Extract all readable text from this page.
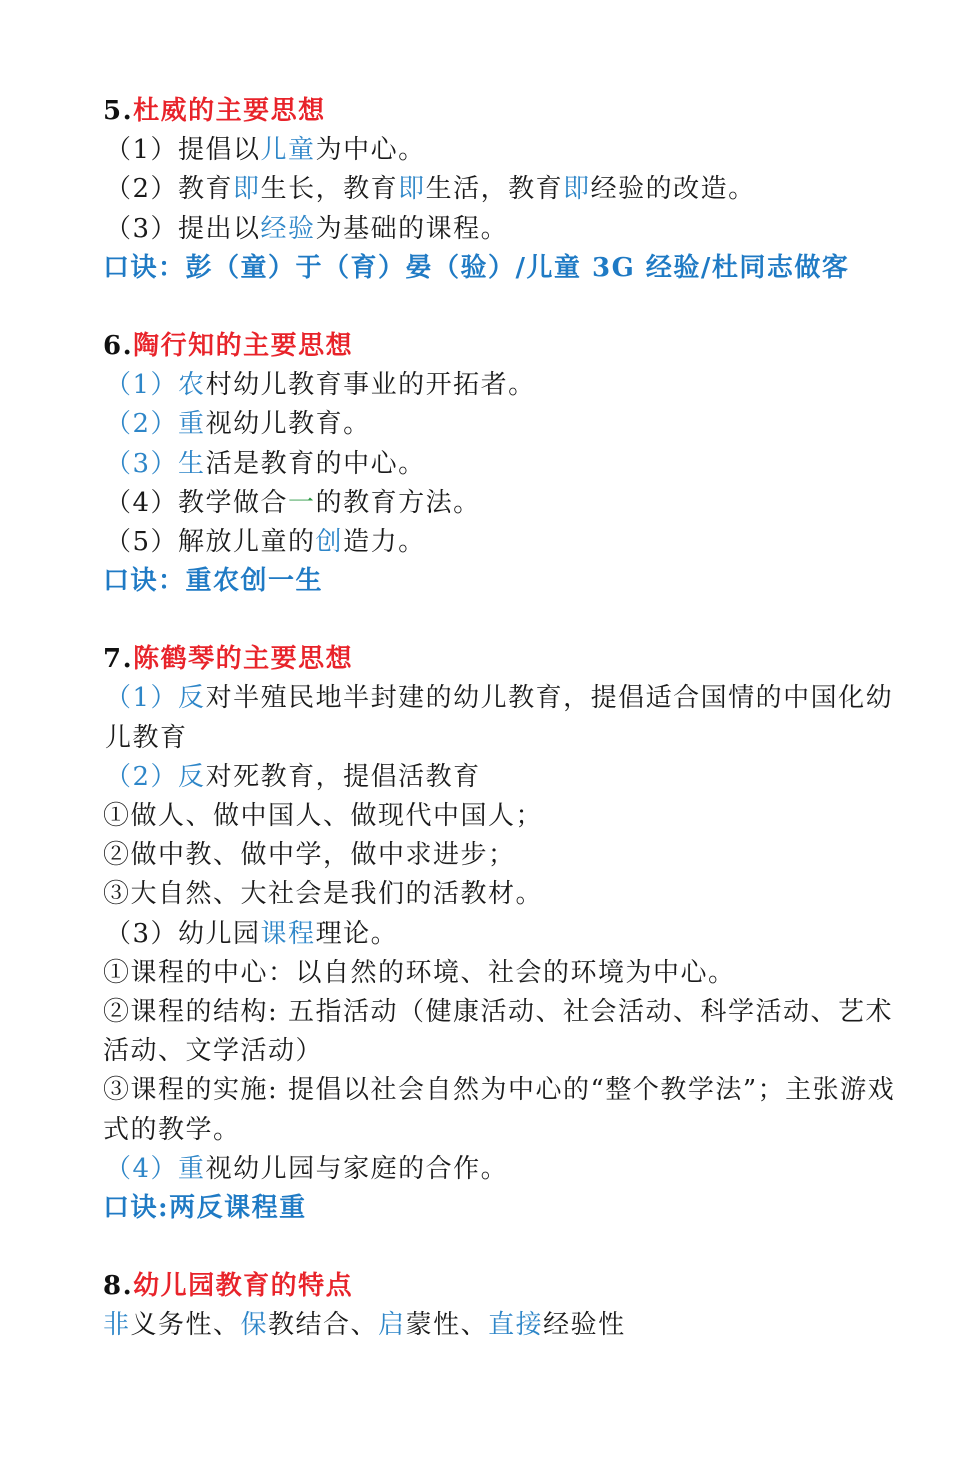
5.杜威的主要思想
（1）提倡以儿童为中心。
（2）教育即生长，教育即生活，教育即经验的改造。
（3）提出以经验为基础的课程。
口诀：彭（童）于（育）晏（验）/儿童 3G 经验/杜同志做客
6.陶行知的主要思想
（1）农村幼儿教育事业的开拓者。
（2）重视幼儿教育。
（3）生活是教育的中心。
（4）教学做合一的教育方法。
（5）解放儿童的创造力。
口诀：重农创一生
7.陈鹤琴的主要思想
（1）反对半殖民地半封建的幼儿教育，提倡适合国情的中国化幼儿教育
（2）反对死教育，提倡活教育
①做人、做中国人、做现代中国人；
②做中教、做中学，做中求进步；
③大自然、大社会是我们的活教材。
（3）幼儿园课程理论。
①课程的中心：以自然的环境、社会的环境为中心。
②课程的结构: 五指活动（健康活动、社会活动、科学活动、艺术活动、文学活动）
③课程的实施: 提倡以社会自然为中心的“整个教学法”；主张游戏式的教学。
（4）重视幼儿园与家庭的合作。
口诀:两反课程重
8.幼儿园教育的特点
非义务性、保教结合、启蒙性、直接经验性
